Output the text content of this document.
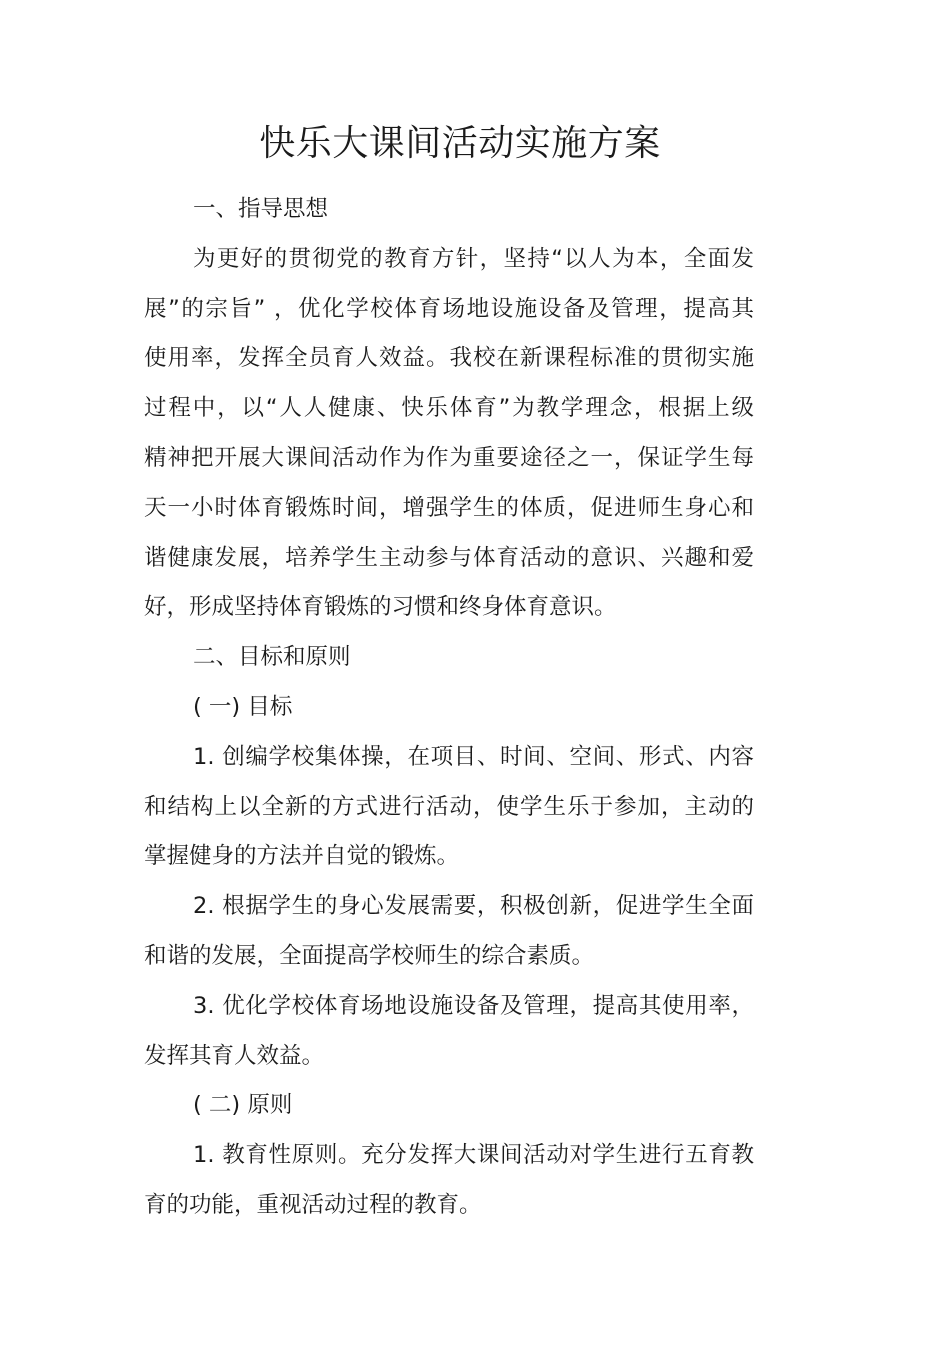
快乐大课间活动实施方案
一、指导思想
为更好的贯彻党的教育方针，坚持“以人为本，全面发
展”的宗旨” ，优化学校体育场地设施设备及管理，提高其
使用率，发挥全员育人效益。我校在新课程标准的贯彻实施
过程中，以“人人健康、快乐体育”为教学理念，根据上级
精神把开展大课间活动作为作为重要途径之一，保证学生每
天一小时体育锻炼时间，增强学生的体质，促进师生身心和
谐健康发展，培养学生主动参与体育活动的意识、兴趣和爱
好，形成坚持体育锻炼的习惯和终身体育意识。
二、目标和原则
( 一) 目标
1. 创编学校集体操，在项目、时间、空间、形式、内容
和结构上以全新的方式进行活动，使学生乐于参加，主动的
掌握健身的方法并自觉的锻炼。
2. 根据学生的身心发展需要，积极创新，促进学生全面
和谐的发展，全面提高学校师生的综合素质。
3. 优化学校体育场地设施设备及管理，提高其使用率，
发挥其育人效益。
( 二) 原则
1. 教育性原则。充分发挥大课间活动对学生进行五育教
育的功能，重视活动过程的教育。
